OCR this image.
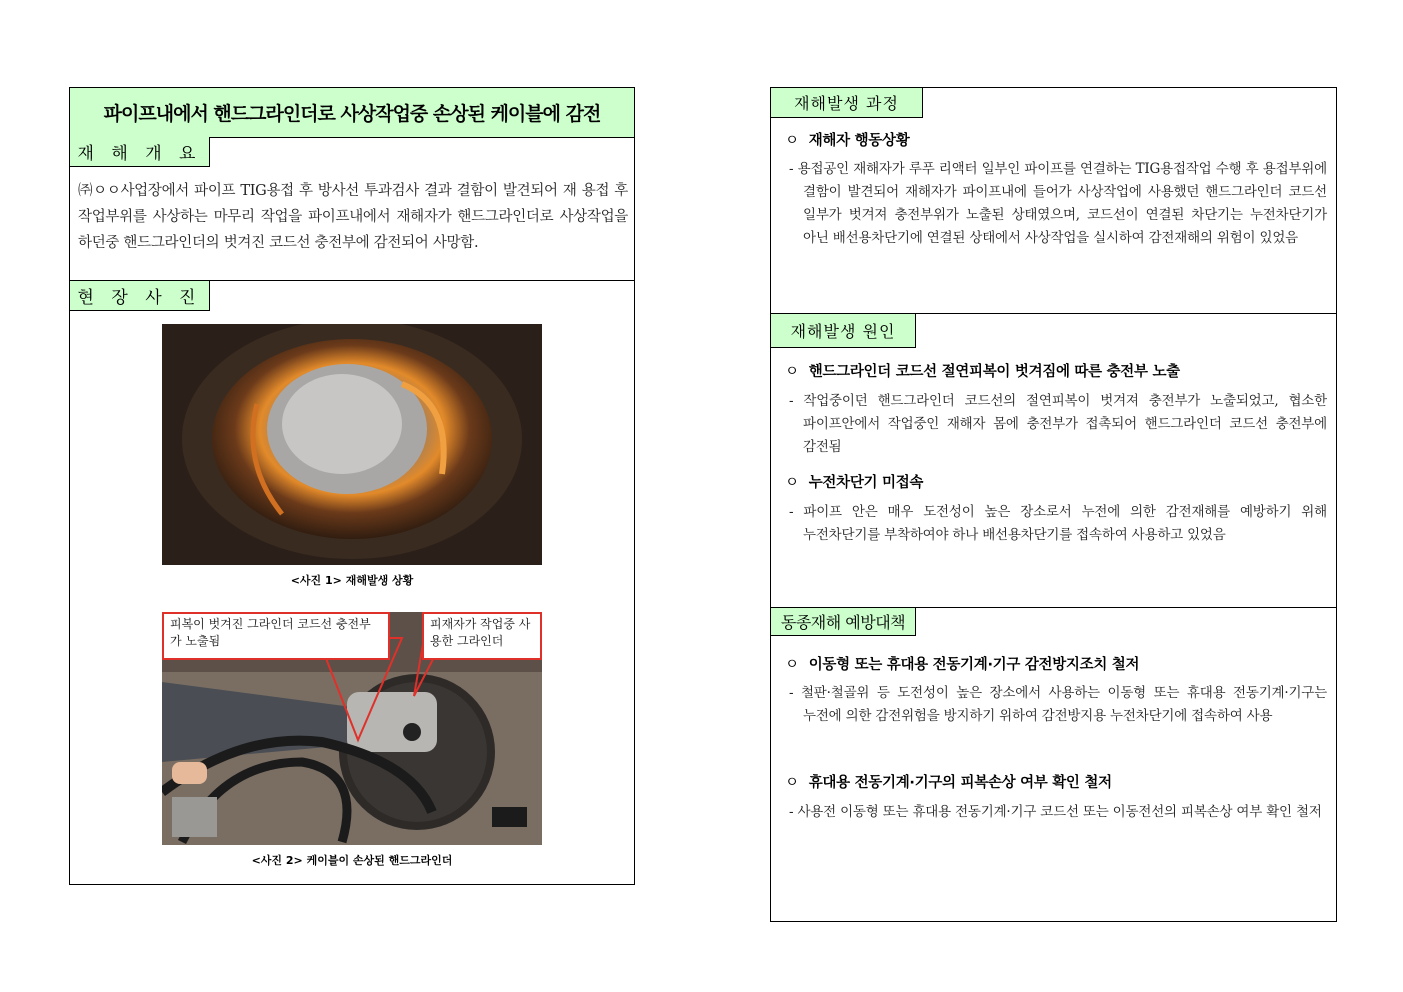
파이프내에서 핸드그라인더로 사상작업중 손상된 케이블에 감전
재 해 개 요
㈜ㅇㅇ사업장에서 파이프 TIG용접 후 방사선 투과검사 결과 결함이 발견되어 재 용접 후 작업부위를 사상하는 마무리 작업을 파이프내에서 재해자가 핸드그라인더로 사상작업을 하던중 핸드그라인더의 벗겨진 코드선 충전부에 감전되어 사망함.
현 장 사 진
<사진 1> 재해발생 상황
피복이 벗겨진 그라인더 코드선 충전부가 노출됨
피재자가 작업중 사용한 그라인더
<사진 2> 케이블이 손상된 핸드그라인더
재해발생 과정
ㅇ 재해자 행동상황
- 용접공인 재해자가 루푸 리액터 일부인 파이프를 연결하는 TIG용접작업 수행 후 용접부위에 결함이 발견되어 재해자가 파이프내에 들어가 사상작업에 사용했던 핸드그라인더 코드선 일부가 벗겨져 충전부위가 노출된 상태였으며, 코드선이 연결된 차단기는 누전차단기가 아닌 배선용차단기에 연결된 상태에서 사상작업을 실시하여 감전재해의 위험이 있었음
재해발생 원인
ㅇ 핸드그라인더 코드선 절연피복이 벗겨짐에 따른 충전부 노출
- 작업중이던 핸드그라인더 코드선의 절연피복이 벗겨져 충전부가 노출되었고, 협소한 파이프안에서 작업중인 재해자 몸에 충전부가 접촉되어 핸드그라인더 코드선 충전부에 감전됨
ㅇ 누전차단기 미접속
- 파이프 안은 매우 도전성이 높은 장소로서 누전에 의한 감전재해를 예방하기 위해 누전차단기를 부착하여야 하나 배선용차단기를 접속하여 사용하고 있었음
동종재해 예방대책
ㅇ 이동형 또는 휴대용 전동기계·기구 감전방지조치 철저
- 철판·철골위 등 도전성이 높은 장소에서 사용하는 이동형 또는 휴대용 전동기계·기구는 누전에 의한 감전위험을 방지하기 위하여 감전방지용 누전차단기에 접속하여 사용
ㅇ 휴대용 전동기계·기구의 피복손상 여부 확인 철저
- 사용전 이동형 또는 휴대용 전동기계·기구 코드선 또는 이동전선의 피복손상 여부 확인 철저
